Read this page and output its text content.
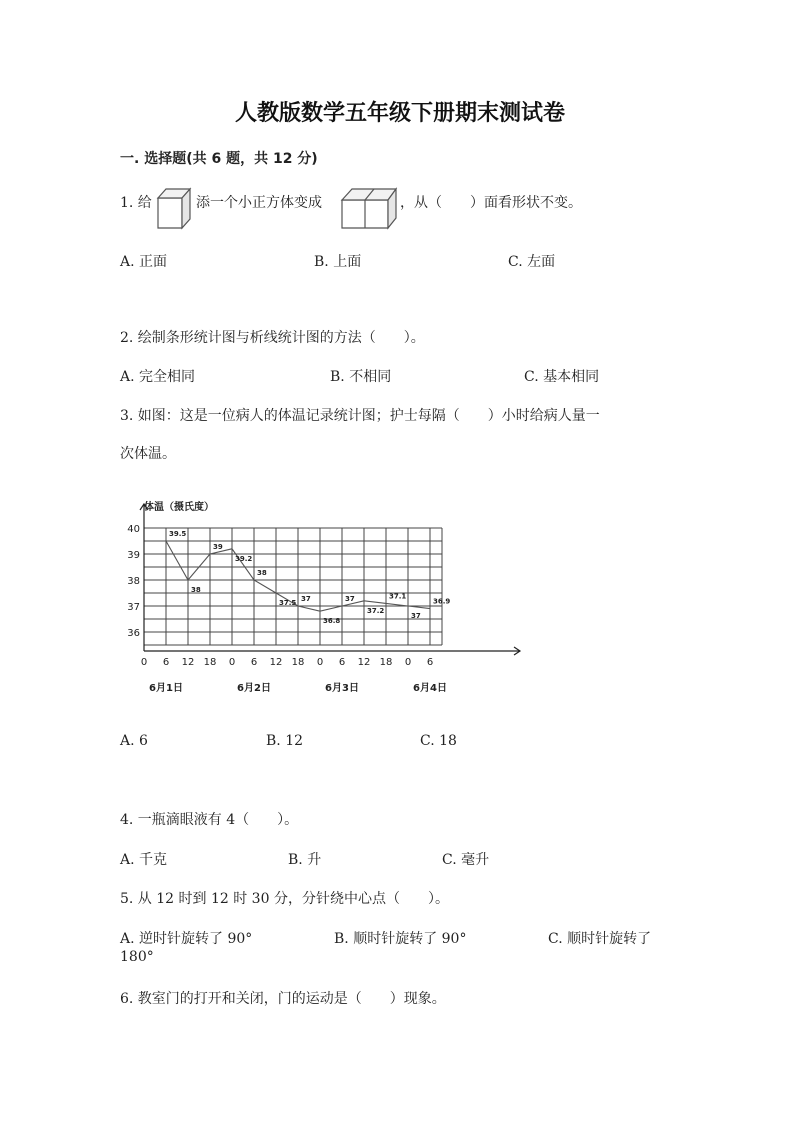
人教版数学五年级下册期末测试卷
一. 选择题(共 6 题，共 12 分)
1. 给	添一个小正方体变成	，从（　　）面看形状不变。
A. 正面	B. 上面	C. 左面
2. 绘制条形统计图与析线统计图的方法（　　）。
A. 完全相同	B. 不相同	C. 基本相同
3. 如图：这是一位病人的体温记录统计图；护士每隔（　　）小时给病人量一
次体温。
36
37
38
39
40
0 6 12 18 0 6 12 18 0 6 12 18 0 6
6月1日	6月2日	6月3日	6月4日
39.5
38
39
39.2
38
37.5 37
36.8
37
37.2
37.1
37
36.9
体温（摄氏度）
A. 6	B. 12	C. 18
4. 一瓶滴眼液有 4（　　）。
A. 千克	B. 升	C. 毫升
5. 从 12 时到 12 时 30 分，分针绕中心点（　　）。
A. 逆时针旋转了 90°	B. 顺时针旋转了 90°	C. 顺时针旋转了
180°
6. 教室门的打开和关闭，门的运动是（　　）现象。
